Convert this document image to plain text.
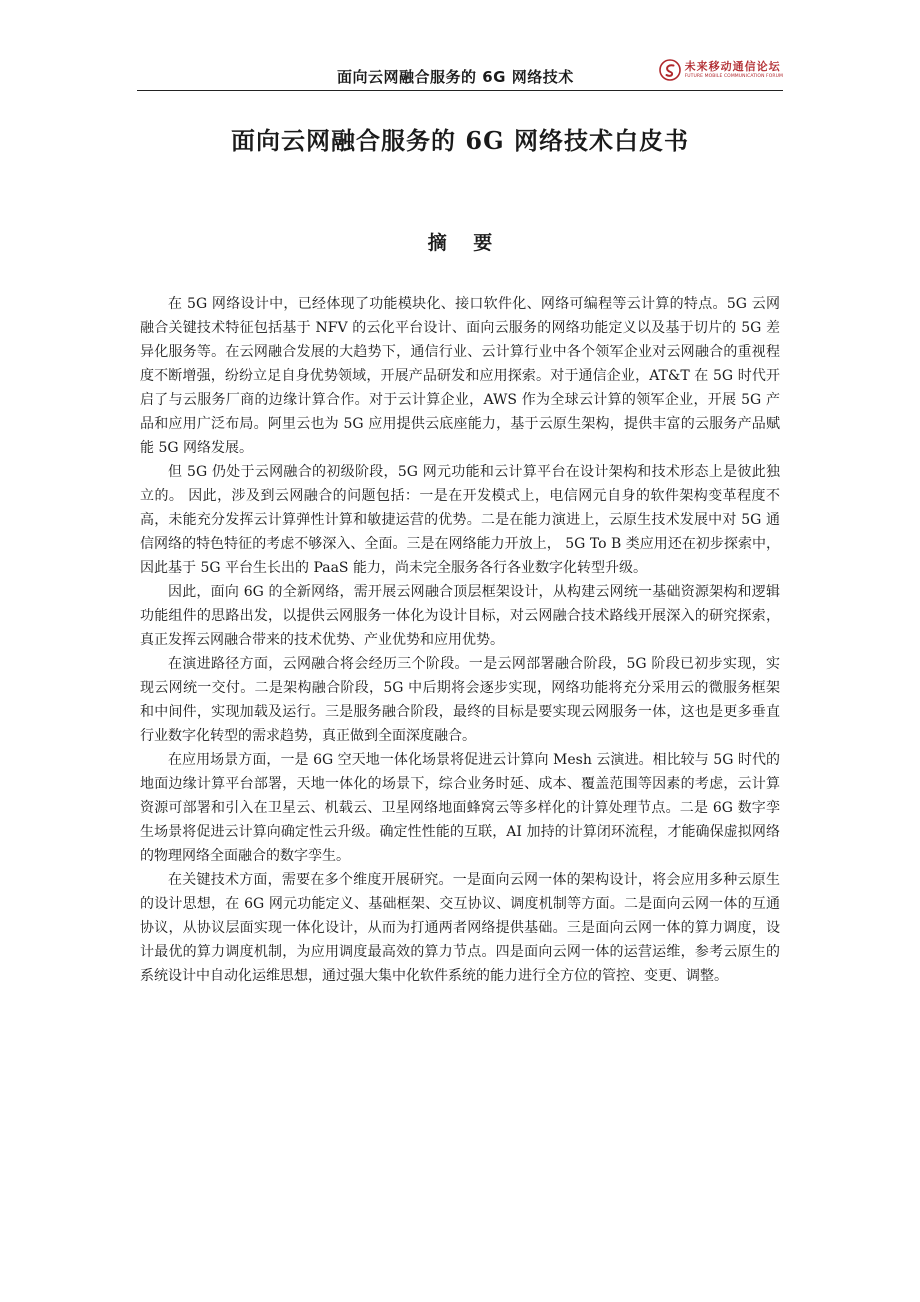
面向云网融合服务的 6G 网络技术
未来移动通信论坛
FUTURE MOBILE COMMUNICATION FORUM
面向云网融合服务的 6G 网络技术白皮书
摘 要

在 5G 网络设计中，已经体现了功能模块化、接口软件化、网络可编程等云计算的特点。5G 云网融合关键技术特征包括基于 NFV 的云化平台设计、面向云服务的网络功能定义以及基于切片的 5G 差异化服务等。在云网融合发展的大趋势下，通信行业、云计算行业中各个领军企业对云网融合的重视程度不断增强，纷纷立足自身优势领域，开展产品研发和应用探索。对于通信企业，AT&T 在 5G 时代开启了与云服务厂商的边缘计算合作。对于云计算企业，AWS 作为全球云计算的领军企业，开展 5G 产品和应用广泛布局。阿里云也为 5G 应用提供云底座能力，基于云原生架构，提供丰富的云服务产品赋能 5G 网络发展。

但 5G 仍处于云网融合的初级阶段，5G 网元功能和云计算平台在设计架构和技术形态上是彼此独立的。 因此，涉及到云网融合的问题包括：一是在开发模式上，电信网元自身的软件架构变革程度不高，未能充分发挥云计算弹性计算和敏捷运营的优势。二是在能力演进上，云原生技术发展中对 5G 通信网络的特色特征的考虑不够深入、全面。三是在网络能力开放上， 5G To B 类应用还在初步探索中，因此基于 5G 平台生长出的 PaaS 能力，尚未完全服务各行各业数字化转型升级。

因此，面向 6G 的全新网络，需开展云网融合顶层框架设计，从构建云网统一基础资源架构和逻辑功能组件的思路出发，以提供云网服务一体化为设计目标，对云网融合技术路线开展深入的研究探索，真正发挥云网融合带来的技术优势、产业优势和应用优势。

在演进路径方面，云网融合将会经历三个阶段。一是云网部署融合阶段，5G 阶段已初步实现，实现云网统一交付。二是架构融合阶段，5G 中后期将会逐步实现，网络功能将充分采用云的微服务框架和中间件，实现加载及运行。三是服务融合阶段，最终的目标是要实现云网服务一体，这也是更多垂直行业数字化转型的需求趋势，真正做到全面深度融合。

在应用场景方面，一是 6G 空天地一体化场景将促进云计算向 Mesh 云演进。相比较与 5G 时代的地面边缘计算平台部署，天地一体化的场景下，综合业务时延、成本、覆盖范围等因素的考虑，云计算资源可部署和引入在卫星云、机载云、卫星网络地面蜂窝云等多样化的计算处理节点。二是 6G 数字孪生场景将促进云计算向确定性云升级。确定性性能的互联，AI 加持的计算闭环流程，才能确保虚拟网络的物理网络全面融合的数字孪生。

在关键技术方面，需要在多个维度开展研究。一是面向云网一体的架构设计，将会应用多种云原生的设计思想，在 6G 网元功能定义、基础框架、交互协议、调度机制等方面。二是面向云网一体的互通协议，从协议层面实现一体化设计，从而为打通两者网络提供基础。三是面向云网一体的算力调度，设计最优的算力调度机制，为应用调度最高效的算力节点。四是面向云网一体的运营运维，参考云原生的系统设计中自动化运维思想，通过强大集中化软件系统的能力进行全方位的管控、变更、调整。
